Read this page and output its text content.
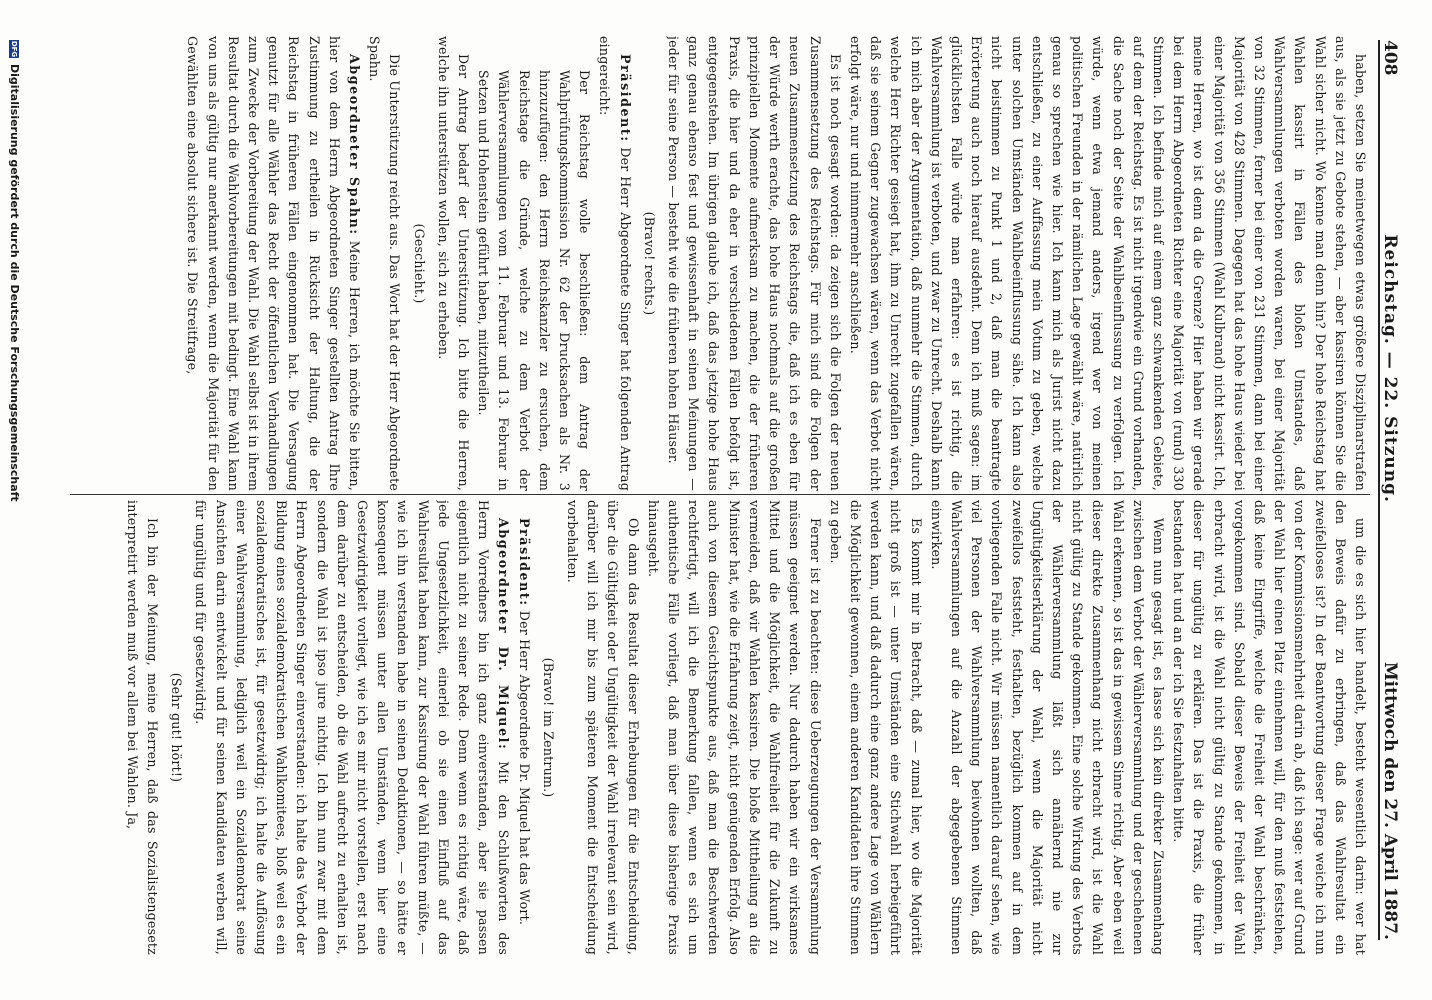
408
Reichstag. — 22. Sitzung.
Mittwoch den 27. April 1887.

haben, setzen Sie meinetwegen etwas größere Disziplinarstrafen aus, als sie jetzt zu Gebote stehen, — aber kassiren können Sie die Wahl sicher nicht. Wo kenne man denn hin? Der hohe Reichstag hat Wahlen kassirt in Fällen des bloßen Umstandes, daß Wahlversammlungen verboten worden waren, bei einer Majorität von 32 Stimmen, ferner bei einer von 231 Stimmen, dann bei einer Majorität von 428 Stimmen. Dagegen hat das hohe Haus wieder bei einer Majorität von 356 Stimmen (Wahl Kulbrand) nicht kassirt. Ich, meine Herren, wo ist denn da die Grenze? Hier haben wir gerade bei dem Herrn Abgeordneten Richter eine Majorität von (rund) 330 Stimmen. Ich befinde mich auf einem ganz schwankenden Gebiete, auf dem der Reichstag. Es ist nicht irgendwie ein Grund vorhanden, die Sache noch der Seite der Wahlbeeinflussung zu verfolgen. Ich würde, wenn etwa jemand anders, irgend wer von meinen politischen Freunden in der nämlichen Lage gewählt wäre, natürlich genau so sprechen wie hier. Ich kann mich als Jurist nicht dazu entschließen, zu einer Auffassung mein Votum zu geben, welche unter solchen Umständen Wahlbeeinflussung sähe. Ich kann also nicht beistimmen zu Punkt 1 und 2, daß man die beantragte Erörterung auch noch hierauf ausdehnt. Denn ich muß sagen: im glücklichsten Falle würde man erfahren: es ist richtig, die Wahlversammlung ist verboten, und zwar zu Unrecht. Deshalb kann ich mich aber der Argumentation, daß nunmehr die Stimmen, durch welche Herr Richter gesiegt hat, ihm zu Unrecht zugefallen wären, daß sie seinem Gegner zugewachsen wären, wenn das Verbot nicht erfolgt wäre, nur und nimmermehr anschließen.

Es ist noch gesagt worden: da zeigen sich die Folgen der neuen Zusammensetzung des Reichstags. Für mich sind die Folgen der neuen Zusammensetzung des Reichstags die, daß ich es eben für der Würde werth erachte, das hohe Haus nochmals auf die großen prinzipiellen Momente aufmerksam zu machen, die der früheren Praxis, die hier und da eher in verschiedenen Fällen befolgt ist, entgegenstehen. Im übrigen glaube ich, daß das jetzige hohe Haus ganz genau ebenso fest und gewissenhaft in seinen Meinungen — jeder für seine Person — besteht wie die früheren hohen Häuser.

(Bravo! rechts.)

Präsident: Der Herr Abgeordnete Singer hat folgenden Antrag eingereicht:

Der Reichstag wolle beschließen: dem Antrag der Wahlprüfungskommission Nr. 62 der Drucksachen als Nr. 3 hinzuzufügen: den Herrn Reichskanzler zu ersuchen, dem Reichstage die Gründe, welche zu dem Verbot der Wählerversammlungen vom 11. Februar und 13. Februar in Setzen und Hohenstein geführt haben, mitzutheilen.

Der Antrag bedarf der Unterstützung. Ich bitte die Herren, welche ihn unterstützen wollen, sich zu erheben.

(Geschieht.)

Die Unterstützung reicht aus. Das Wort hat der Herr Abgeordnete Spahn.

Abgeordneter Spahn: Meine Herren, ich möchte Sie bitten, hier von dem Herrn Abgeordneten Singer gestellten Antrag Ihre Zustimmung zu ertheilen in Rücksicht der Haltung, die der Reichstag in früheren Fällen eingenommen hat. Die Versagung genutzt für alle Wähler das Recht der öffentlichen Verhandlungen zum Zwecke der Vorbereitung der Wahl. Die Wahl selbst ist in ihrem Resultat durch die Wahlvorbereitungen mit bedingt. Eine Wahl kann von uns als gültig nur anerkannt werden, wenn die Majorität für den Gewählten eine absolut sichere ist. Die Streitfrage,

um die es sich hier handelt, besteht wesentlich darin: wer hat den Beweis dafür zu erbringen, daß das Wahlresultat ein zweifelloses ist? In der Beantwortung dieser Frage weiche ich nun von der Kommissionsmehrheit darin ab, daß ich sage: wer auf Grund der Wahl hier einen Platz einnehmen will, für den muß feststehen, daß keine Eingriffe, welche die Freiheit der Wahl beschränken, vorgekommen sind. Sobald dieser Beweis der Freiheit der Wahl erbracht wird, ist die Wahl nicht gültig zu Stande gekommen, in dieser für ungültig zu erklären. Das ist die Praxis, die früher bestanden hat und an der ich Sie festzuhalten bitte.

Wenn nun gesagt ist, es lasse sich kein direkter Zusammenhang zwischen dem Verbot der Wählerversammlung und der geschehenen Wahl erkennen, so ist das in gewissem Sinne richtig. Aber eben weil dieser direkte Zusammenhang nicht erbracht wird, ist die Wahl nicht gültig zu Stande gekommen. Eine solche Wirkung des Verbots der Wählerversammlung läßt sich annähernd nie zur Ungültigkeitserklärung der Wahl, wenn die Majorität nicht zweifellos feststeht, festhalten, bezüglich kommen auf in dem vorliegenden Falle nicht. Wir müssen namentlich darauf sehen, wie viel Personen der Wahlversammlung beiwohnen wollten, daß Wahlversammlungen auf die Anzahl der abgegebenen Stimmen einwirken.

Es kommt mir in Betracht, daß — zumal hier, wo die Majorität nicht groß ist — unter Umständen eine Stichwahl herbeigeführt werden kann, und daß dadurch eine ganz andere Lage von Wählern die Möglichkeit gewonnen, einem anderen Kandidaten ihre Stimmen zu geben.

Ferner ist zu beachten: diese Ueberzeugungen der Versammlung müssen geeignet werden. Nur dadurch haben wir ein wirksames Mittel und die Möglichkeit, die Wahlfreiheit für die Zukunft zu vermeiden, daß wir Wahlen kassiren. Die bloße Mittheilung an die Minister hat, wie die Erfahrung zeigt, nicht genügenden Erfolg. Also auch von diesem Gesichtspunkte aus, daß man die Beschwerden rechtfertigt, will ich die Bemerkung fallen, wenn es sich um authentische Fälle vorliegt, daß man über diese bisherige Praxis hinausgeht.

Ob dann das Resultat dieser Erhebungen für die Entscheidung, über die Gültigkeit oder Ungültigkeit der Wahl irrelevant sein wird, darüber will ich mir bis zum späteren Moment die Entscheidung vorbehalten.

(Bravo! im Zentrum.)

Präsident: Der Herr Abgeordnete Dr. Miquel hat das Wort.

Abgeordneter Dr. Miquel: Mit den Schlußworten des Herrn Vorredners bin ich ganz einverstanden, aber sie passen eigentlich nicht zu seiner Rede. Denn wenn es richtig wäre, daß jede Ungesetzlichkeit, einerlei ob sie einen Einfluß auf das Wahlresultat haben kann, zur Kassirung der Wahl führen müßte, — wie ich ihn verstanden habe in seinen Deduktionen, — so hätte er konsequent müssen unter allen Umständen, wenn hier eine Gesetzwidrigkeit vorliegt, wie ich es mir nicht vorstellen, erst nach dem darüber zu entscheiden, ob die Wahl aufrecht zu erhalten ist, sondern die Wahl ist ipso jure nichtig. Ich bin nun zwar mit dem Herrn Abgeordneten Singer einverstanden: ich halte das Verbot der Bildung eines sozialdemokratischen Wahlkomitees, bloß weil es ein sozialdemokratisches ist, für gesetzwidrig; ich halte die Auflösung einer Wahlversammlung, lediglich weil ein Sozialdemokrat seine Ansichten darin entwickelt und für seinen Kandidaten werben will, für ungültig und für gesetzwidrig.

(Sehr gut! hört!)

Ich bin der Meinung, meine Herren, daß das Sozialistengesetz interpretirt werden muß vor allem bei Wahlen. Ja,

DFG
Digitalisierung gefördert durch die Deutsche Forschungsgemeinschaft
